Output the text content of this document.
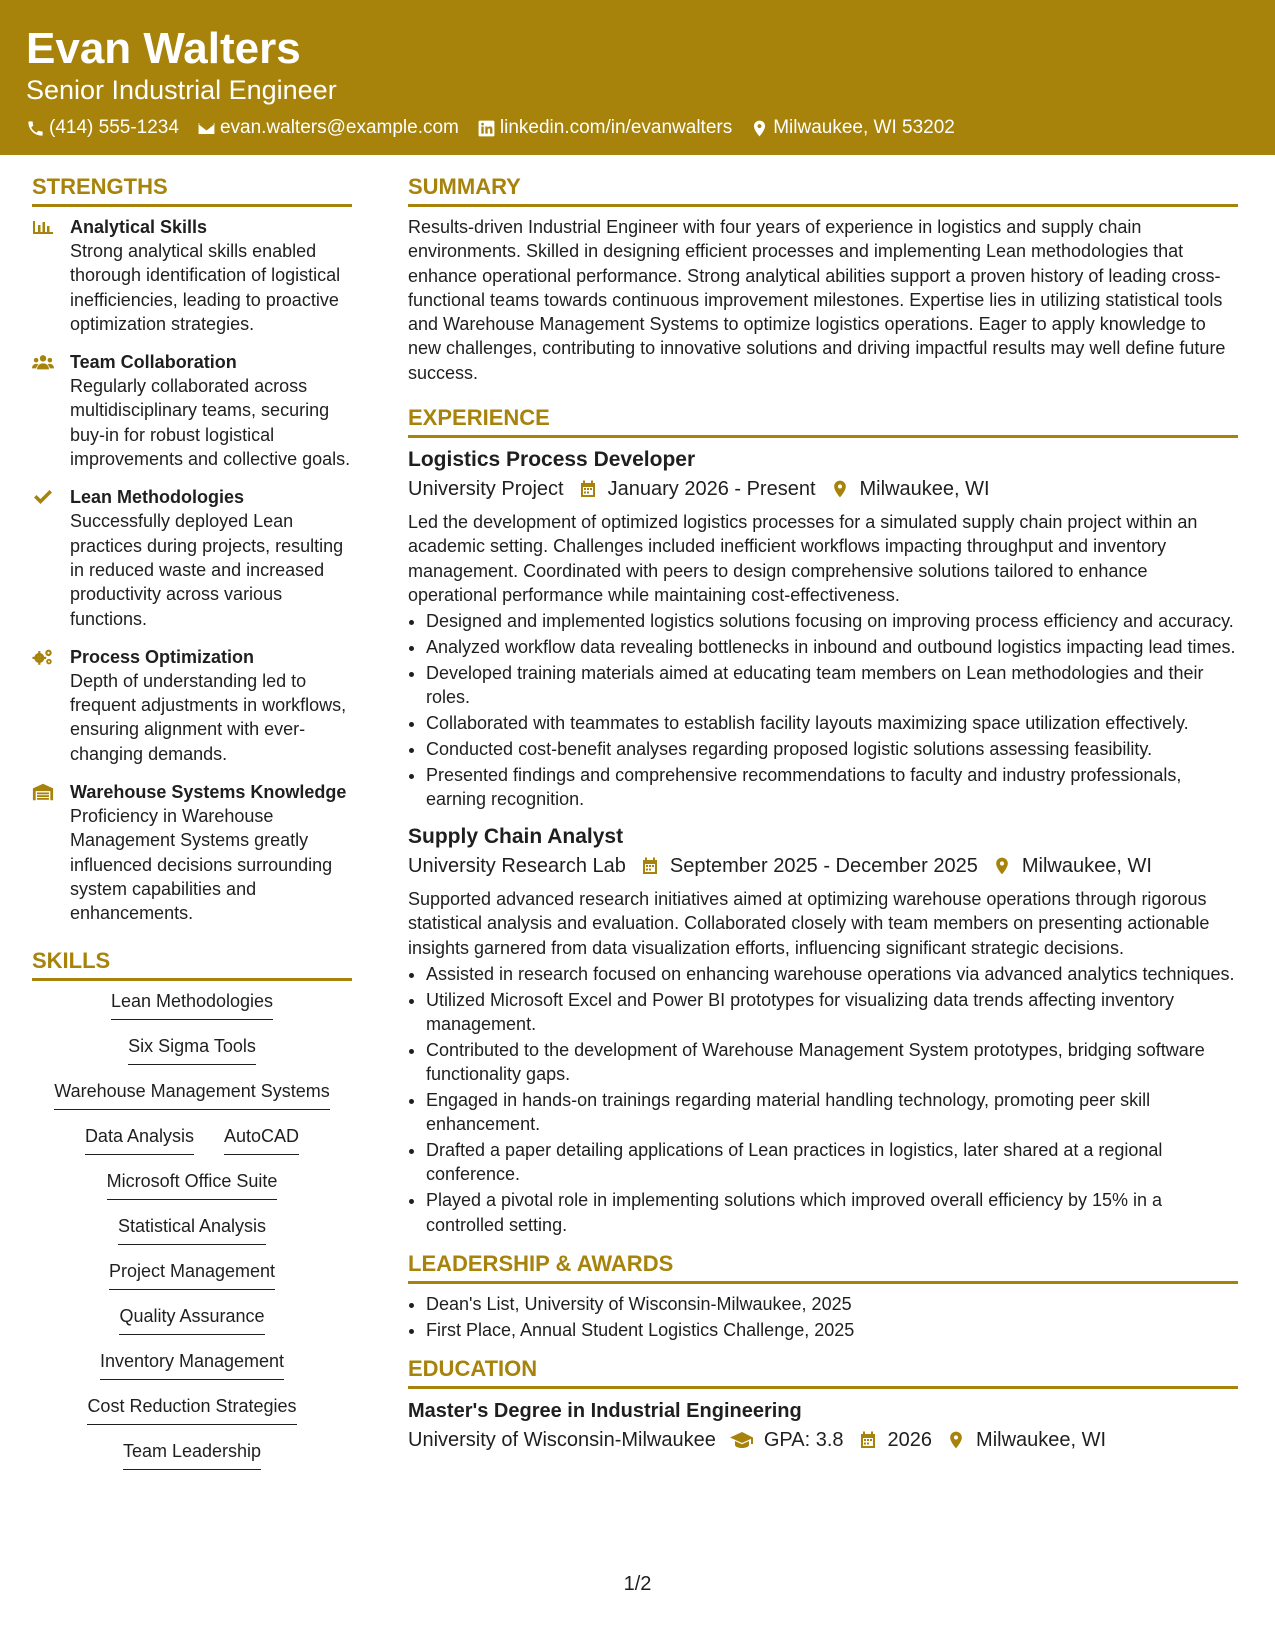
Evan Walters
Senior Industrial Engineer
(414) 555-1234 evan.walters@example.com linkedin.com/in/evanwalters Milwaukee, WI 53202
STRENGTHS
Analytical Skills
Strong analytical skills enabled thorough identification of logistical inefficiencies, leading to proactive optimization strategies.
Team Collaboration
Regularly collaborated across multidisciplinary teams, securing buy-in for robust logistical improvements and collective goals.
Lean Methodologies
Successfully deployed Lean practices during projects, resulting in reduced waste and increased productivity across various functions.
Process Optimization
Depth of understanding led to frequent adjustments in workflows, ensuring alignment with ever-changing demands.
Warehouse Systems Knowledge
Proficiency in Warehouse Management Systems greatly influenced decisions surrounding system capabilities and enhancements.
SKILLS
Lean Methodologies
Six Sigma Tools
Warehouse Management Systems
Data Analysis AutoCAD
Microsoft Office Suite
Statistical Analysis
Project Management
Quality Assurance
Inventory Management
Cost Reduction Strategies
Team Leadership
SUMMARY
Results-driven Industrial Engineer with four years of experience in logistics and supply chain environments. Skilled in designing efficient processes and implementing Lean methodologies that enhance operational performance. Strong analytical abilities support a proven history of leading cross-functional teams towards continuous improvement milestones. Expertise lies in utilizing statistical tools and Warehouse Management Systems to optimize logistics operations. Eager to apply knowledge to new challenges, contributing to innovative solutions and driving impactful results may well define future success.
EXPERIENCE
Logistics Process Developer
University Project January 2026 - Present Milwaukee, WI
Led the development of optimized logistics processes for a simulated supply chain project within an academic setting. Challenges included inefficient workflows impacting throughput and inventory management. Coordinated with peers to design comprehensive solutions tailored to enhance operational performance while maintaining cost-effectiveness.
• Designed and implemented logistics solutions focusing on improving process efficiency and accuracy.
• Analyzed workflow data revealing bottlenecks in inbound and outbound logistics impacting lead times.
• Developed training materials aimed at educating team members on Lean methodologies and their roles.
• Collaborated with teammates to establish facility layouts maximizing space utilization effectively.
• Conducted cost-benefit analyses regarding proposed logistic solutions assessing feasibility.
• Presented findings and comprehensive recommendations to faculty and industry professionals, earning recognition.
Supply Chain Analyst
University Research Lab September 2025 - December 2025 Milwaukee, WI
Supported advanced research initiatives aimed at optimizing warehouse operations through rigorous statistical analysis and evaluation. Collaborated closely with team members on presenting actionable insights garnered from data visualization efforts, influencing significant strategic decisions.
• Assisted in research focused on enhancing warehouse operations via advanced analytics techniques.
• Utilized Microsoft Excel and Power BI prototypes for visualizing data trends affecting inventory management.
• Contributed to the development of Warehouse Management System prototypes, bridging software functionality gaps.
• Engaged in hands-on trainings regarding material handling technology, promoting peer skill enhancement.
• Drafted a paper detailing applications of Lean practices in logistics, later shared at a regional conference.
• Played a pivotal role in implementing solutions which improved overall efficiency by 15% in a controlled setting.
LEADERSHIP & AWARDS
• Dean's List, University of Wisconsin-Milwaukee, 2025
• First Place, Annual Student Logistics Challenge, 2025
EDUCATION
Master's Degree in Industrial Engineering
University of Wisconsin-Milwaukee GPA: 3.8 2026 Milwaukee, WI
1/2
